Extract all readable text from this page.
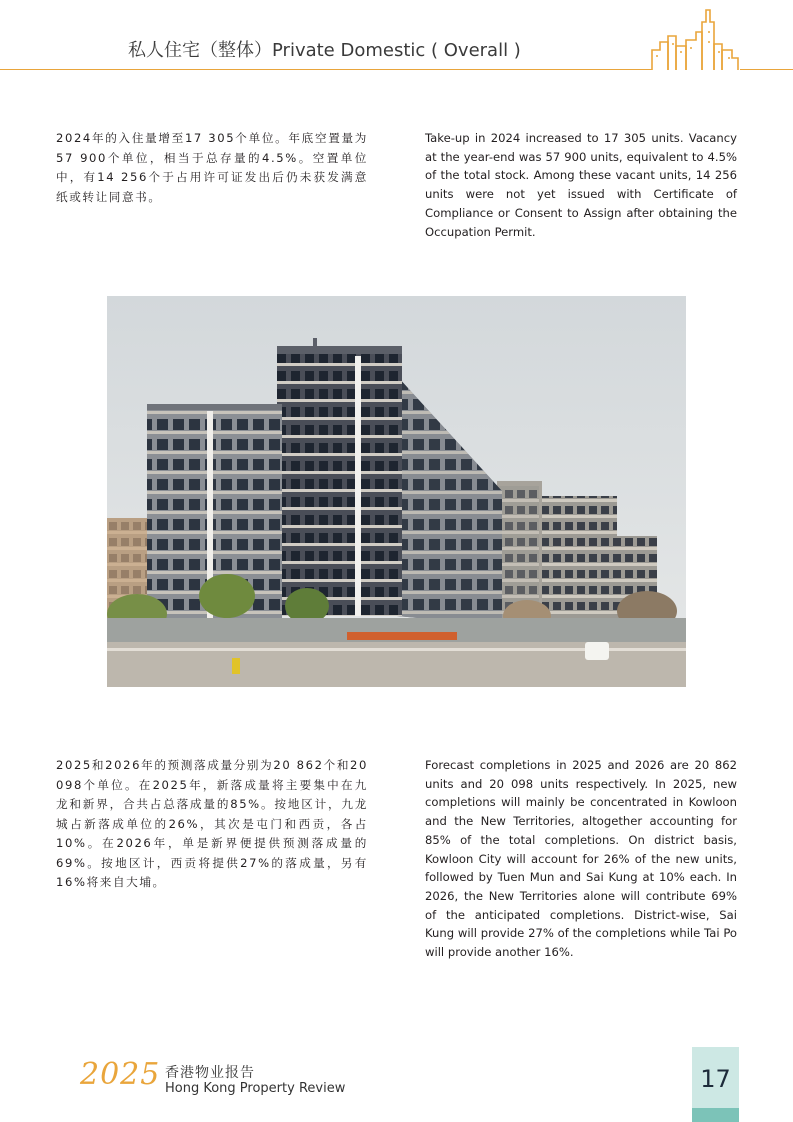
私人住宅（整体）Private Domestic ( Overall )
2024年的入住量增至17 305个单位。年底空置量为57 900个单位，相当于总存量的4.5%。空置单位中，有14 256个于占用许可证发出后仍未获发满意纸或转让同意书。
Take-up in 2024 increased to 17 305 units. Vacancy at the year-end was 57 900 units, equivalent to 4.5% of the total stock. Among these vacant units, 14 256 units were not yet issued with Certificate of Compliance or Consent to Assign after obtaining the Occupation Permit.
2025和2026年的预测落成量分别为20 862个和20 098个单位。在2025年，新落成量将主要集中在九龙和新界，合共占总落成量的85%。按地区计，九龙城占新落成单位的26%，其次是屯门和西贡，各占10%。在2026年，单是新界便提供预测落成量的69%。按地区计，西贡将提供27%的落成量，另有16%将来自大埔。
Forecast completions in 2025 and 2026 are 20 862 units and 20 098 units respectively. In 2025, new completions will mainly be concentrated in Kowloon and the New Territories, altogether accounting for 85% of the total completions. On district basis, Kowloon City will account for 26% of the new units, followed by Tuen Mun and Sai Kung at 10% each. In 2026, the New Territories alone will contribute 69% of the anticipated completions. District-wise, Sai Kung will provide 27% of the completions while Tai Po will provide another 16%.
2025 香港物业报告
Hong Kong Property Review	17
